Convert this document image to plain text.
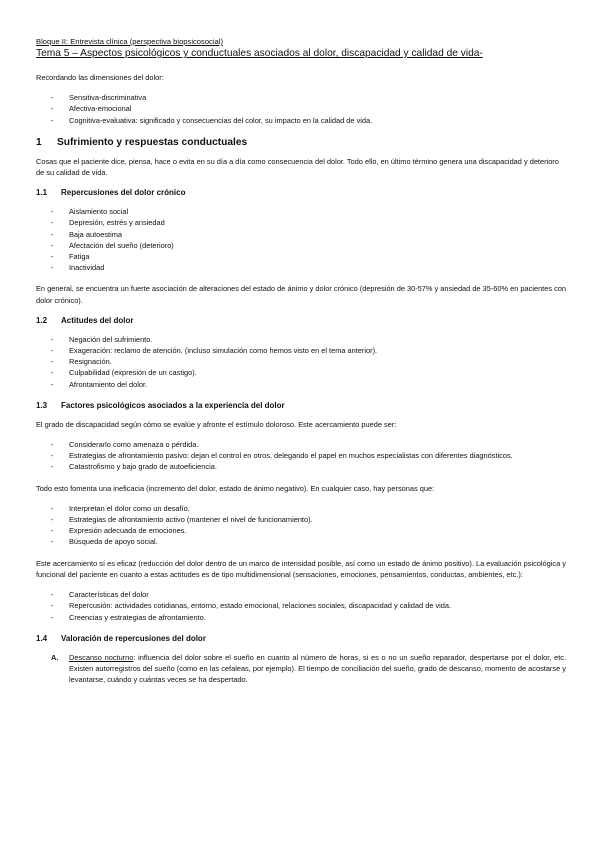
Bloque II: Entrevista clínica (perspectiva biopsicosocial)

Tema 5 – Aspectos psicológicos y conductuales asociados al dolor, discapacidad y calidad de vida-

Recordando las dimensiones del dolor:

- Sensitiva-discriminativa
- Afectiva-emocional
- Cognitiva-evaluativa: significado y consecuencias del color, su impacto en la calidad de vida.
1 Sufrimiento y respuestas conductuales

Cosas que el paciente dice, piensa, hace o evita en su día a día como consecuencia del dolor. Todo ello, en último término genera una discapacidad y deterioro de su calidad de vida.

1.1 Repercusiones del dolor crónico
- Aislamiento social
- Depresión, estrés y ansiedad
- Baja autoestima
- Afectación del sueño (deterioro)
- Fatiga
- Inactividad

En general, se encuentra un fuerte asociación de alteraciones del estado de ánimo y dolor crónico (depresión de 30-57% y ansiedad de 35-60% en pacientes con dolor crónico).

1.2 Actitudes del dolor
- Negación del sufrimiento.
- Exageración: reclamo de atención. (incluso simulación como hemos visto en el tema anterior).
- Resignación.
- Culpabilidad (expresión de un castigo).
- Afrontamiento del dolor.
1.3 Factores psicológicos asociados a la experiencia del dolor

El grado de discapacidad según cómo se evalúe y afronte el estímulo doloroso. Este acercamiento puede ser:

- Considerarlo como amenaza o pérdida.
- Estrategias de afrontamiento pasivo: dejan el control en otros, delegando el papel en muchos especialistas con diferentes diagnósticos.
- Catastrofismo y bajo grado de autoeficiencia.

Todo esto fomenta una ineficacia (incremento del dolor, estado de ánimo negativo). En cualquier caso, hay personas que:

- Interpretan el dolor como un desafío.
- Estrategias de afrontamiento activo (mantener el nivel de funcionamiento).
- Expresión adecuada de emociones.
- Búsqueda de apoyo social.

Este acercamiento sí es eficaz (reducción del dolor dentro de un marco de intensidad posible, así como un estado de ánimo positivo). La evaluación psicológica y funcional del paciente en cuanto a estas actitudes es de tipo multidimensional (sensaciones, emociones, pensamientos, conductas, ambientes, etc.):

- Características del dolor
- Repercusión: actividades cotidianas, entorno, estado emocional, relaciones sociales, discapacidad y calidad de vida.
- Creencias y estrategias de afrontamiento.
1.4 Valoración de repercusiones del dolor
A. Descanso nocturno: influencia del dolor sobre el sueño en cuanto al número de horas, si es o no un sueño reparador, despertarse por el dolor, etc. Existen autorregistros del sueño (como en las cefaleas, por ejemplo). El tiempo de conciliación del sueño, grado de descanso, momento de acostarse y levantarse, cuándo y cuántas veces se ha despertado.
